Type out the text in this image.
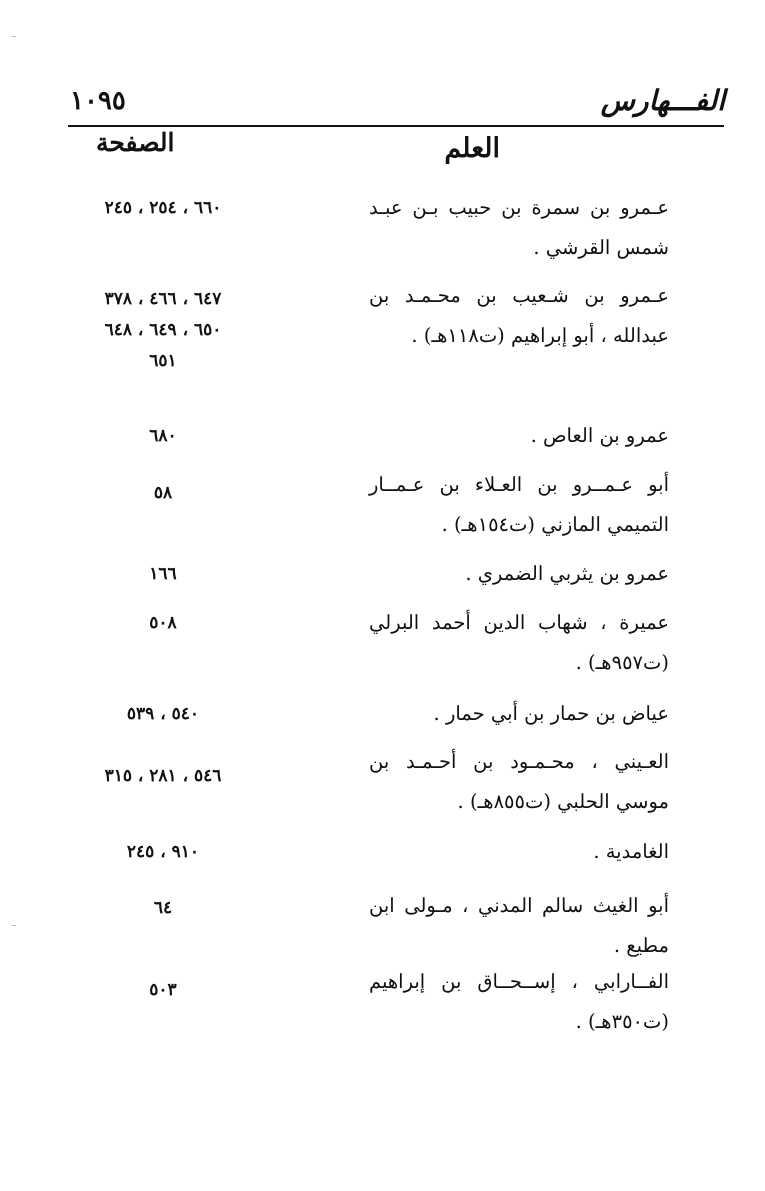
١٠٩٥	الفـــهارس
العلم
الصفحة
عـمرو بن سمرة بن حبيب بـن عبـد شمس القرشي .
٦٦٠ ، ٢٥٤ ، ٢٤٥
عـمرو بن شـعيب بن محـمـد بن عبدالله ، أبو إبراهيم (ت١١٨هـ) .
٦٤٧ ، ٤٦٦ ، ٣٧٨
٦٥٠ ، ٦٤٩ ، ٦٤٨
٦٥١
عمرو بن العاص .
٦٨٠
أبو عـمــرو بن العـلاء بن عـمــار التميمي المازني (ت١٥٤هـ) .
٥٨
عمرو بن يثربي الضمري .
١٦٦
عميرة ، شهاب الدين أحمد البرلي (ت٩٥٧هـ) .
٥٠٨
عياض بن حمار بن أبي حمار .
٥٤٠ ، ٥٣٩
العـيني ، محـمـود بن أحـمـد بن موسي الحلبي (ت٨٥٥هـ) .
٥٤٦ ، ٢٨١ ، ٣١٥
الغامدية .
٩١٠ ، ٢٤٥
أبو الغيث سالم المدني ، مـولى ابن مطيع .
٦٤
الفــارابي ، إســحــاق بن إبراهيم (ت٣٥٠هـ) .
٥٠٣
